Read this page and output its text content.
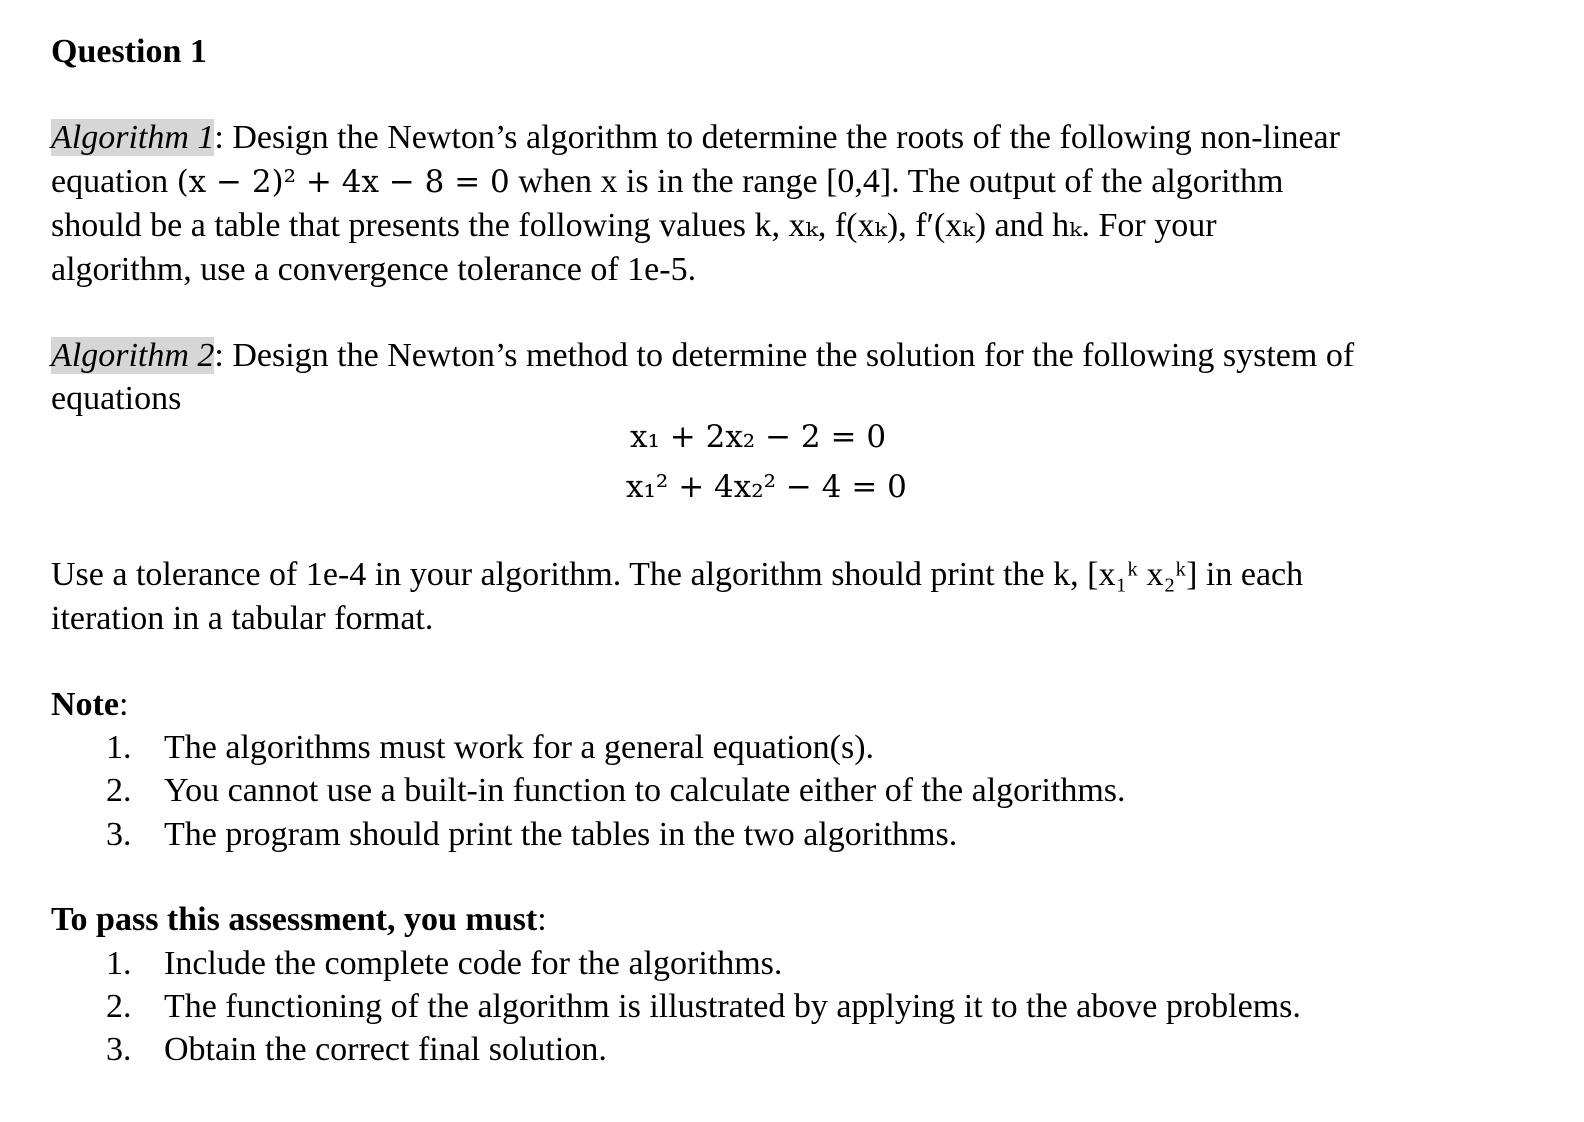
Question 1
Algorithm 1: Design the Newton’s algorithm to determine the roots of the following non-linear
equation (x − 2)² + 4x − 8 = 0 when x is in the range [0,4]. The output of the algorithm
should be a table that presents the following values k, xₖ, f(xₖ), f′(xₖ) and hₖ. For your
algorithm, use a convergence tolerance of 1e-5.
Algorithm 2: Design the Newton’s method to determine the solution for the following system of
equations
x₁ + 2x₂ − 2 = 0
x₁² + 4x₂² − 4 = 0
Use a tolerance of 1e-4 in your algorithm. The algorithm should print the k, [x₁ᵏ x₂ᵏ] in each
iteration in a tabular format.
Note:
1. The algorithms must work for a general equation(s).
2. You cannot use a built-in function to calculate either of the algorithms.
3. The program should print the tables in the two algorithms.
To pass this assessment, you must:
1. Include the complete code for the algorithms.
2. The functioning of the algorithm is illustrated by applying it to the above problems.
3. Obtain the correct final solution.
